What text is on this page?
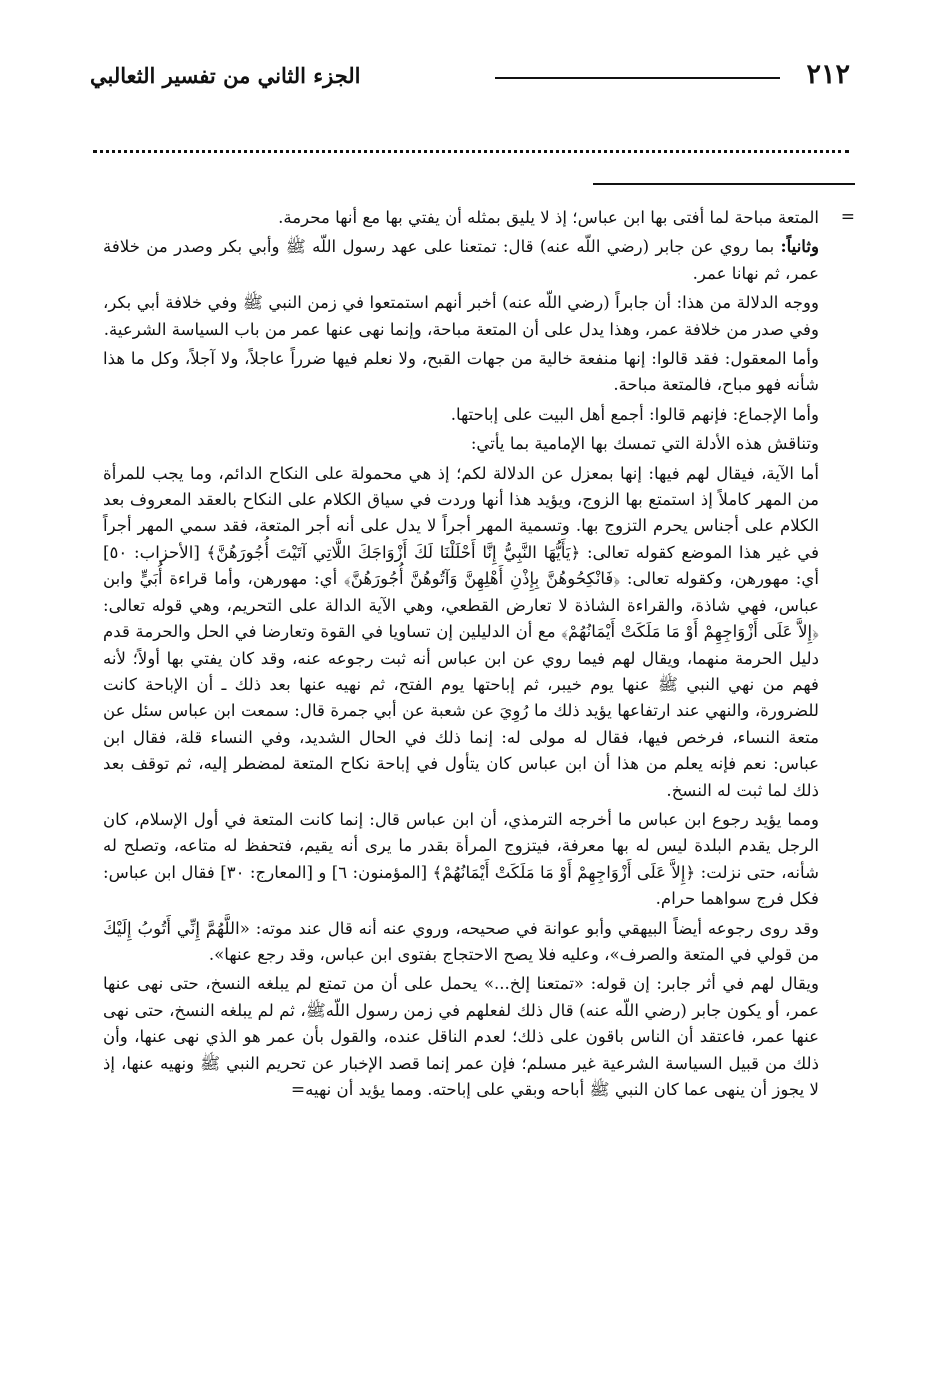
٢١٢
الجزء الثاني من تفسير الثعالبي
=

المتعة مباحة لما أفتى بها ابن عباس؛ إذ لا يليق بمثله أن يفتي بها مع أنها محرمة.

وثانياً: بما روي عن جابر (رضي اللّه عنه) قال: تمتعنا على عهد رسول اللّه ﷺ وأبي بكر وصدر من خلافة عمر، ثم نهانا عمر.

ووجه الدلالة من هذا: أن جابراً (رضي اللّه عنه) أخبر أنهم استمتعوا في زمن النبي ﷺ وفي خلافة أبي بكر، وفي صدر من خلافة عمر، وهذا يدل على أن المتعة مباحة، وإنما نهى عنها عمر من باب السياسة الشرعية.

وأما المعقول: فقد قالوا: إنها منفعة خالية من جهات القبح، ولا نعلم فيها ضرراً عاجلاً، ولا آجلاً، وكل ما هذا شأنه فهو مباح، فالمتعة مباحة.

وأما الإجماع: فإنهم قالوا: أجمع أهل البيت على إباحتها.

وتناقش هذه الأدلة التي تمسك بها الإمامية بما يأتي:

أما الآية، فيقال لهم فيها: إنها بمعزل عن الدلالة لكم؛ إذ هي محمولة على النكاح الدائم، وما يجب للمرأة من المهر كاملاً إذ استمتع بها الزوج، ويؤيد هذا أنها وردت في سياق الكلام على النكاح بالعقد المعروف بعد الكلام على أجناس يحرم التزوج بها. وتسمية المهر أجراً لا يدل على أنه أجر المتعة، فقد سمي المهر أجراً في غير هذا الموضع كقوله تعالى: ﴿يَأَيُّهَا النَّبِيُّ إِنَّا أَحْلَلْنَا لَكَ أَزْوَاجَكَ اللَّاتِي آتَيْتَ أُجُورَهُنَّ﴾ [الأحزاب: ٥٠] أي: مهورهن، وكقوله تعالى: ﴿فَانْكِحُوهُنَّ بِإِذْنِ أَهْلِهِنَّ وَآتُوهُنَّ أُجُورَهُنَّ﴾ أي: مهورهن، وأما قراءة أُبَيٍّ وابن عباس، فهي شاذة، والقراءة الشاذة لا تعارض القطعي، وهي الآية الدالة على التحريم، وهي قوله تعالى: ﴿إِلاَّ عَلَى أَزْوَاجِهِمْ أَوْ مَا مَلَكَتْ أَيْمَانُهُمْ﴾ مع أن الدليلين إن تساويا في القوة وتعارضا في الحل والحرمة قدم دليل الحرمة منهما، ويقال لهم فيما روي عن ابن عباس أنه ثبت رجوعه عنه، وقد كان يفتي بها أولاً؛ لأنه فهم من نهي النبي ﷺ عنها يوم خيبر، ثم إباحتها يوم الفتح، ثم نهيه عنها بعد ذلك ـ أن الإباحة كانت للضرورة، والنهي عند ارتفاعها يؤيد ذلك ما رُوِيَ عن شعبة عن أبي جمرة قال: سمعت ابن عباس سئل عن متعة النساء، فرخص فيها، فقال له مولى له: إنما ذلك في الحال الشديد، وفي النساء قلة، فقال ابن عباس: نعم فإنه يعلم من هذا أن ابن عباس كان يتأول في إباحة نكاح المتعة لمضطر إليه، ثم توقف بعد ذلك لما ثبت له النسخ.

ومما يؤيد رجوع ابن عباس ما أخرجه الترمذي، أن ابن عباس قال: إنما كانت المتعة في أول الإسلام، كان الرجل يقدم البلدة ليس له بها معرفة، فيتزوج المرأة بقدر ما يرى أنه يقيم، فتحفظ له متاعه، وتصلح له شأنه، حتى نزلت: ﴿إِلاَّ عَلَى أَزْوَاجِهِمْ أَوْ مَا مَلَكَتْ أَيْمَانُهُمْ﴾ [المؤمنون: ٦] و [المعارج: ٣٠] فقال ابن عباس: فكل فرج سواهما حرام.

وقد روى رجوعه أيضاً البيهقي وأبو عوانة في صحيحه، وروي عنه أنه قال عند موته: «اللَّهُمَّ إِنِّي أَتُوبُ إِلَيْكَ من قولي في المتعة والصرف»، وعليه فلا يصح الاحتجاج بفتوى ابن عباس، وقد رجع عنها».

ويقال لهم في أثر جابر: إن قوله: «تمتعنا إلخ...» يحمل على أن من تمتع لم يبلغه النسخ، حتى نهى عنها عمر، أو يكون جابر (رضي اللّه عنه) قال ذلك لفعلهم في زمن رسول اللّهﷺ، ثم لم يبلغه النسخ، حتى نهى عنها عمر، فاعتقد أن الناس باقون على ذلك؛ لعدم الناقل عنده، والقول بأن عمر هو الذي نهى عنها، وأن ذلك من قبيل السياسة الشرعية غير مسلم؛ فإن عمر إنما قصد الإخبار عن تحريم النبي ﷺ ونهيه عنها، إذ لا يجوز أن ينهى عما كان النبي ﷺ أباحه وبقي على إباحته. ومما يؤيد أن نهيه=
